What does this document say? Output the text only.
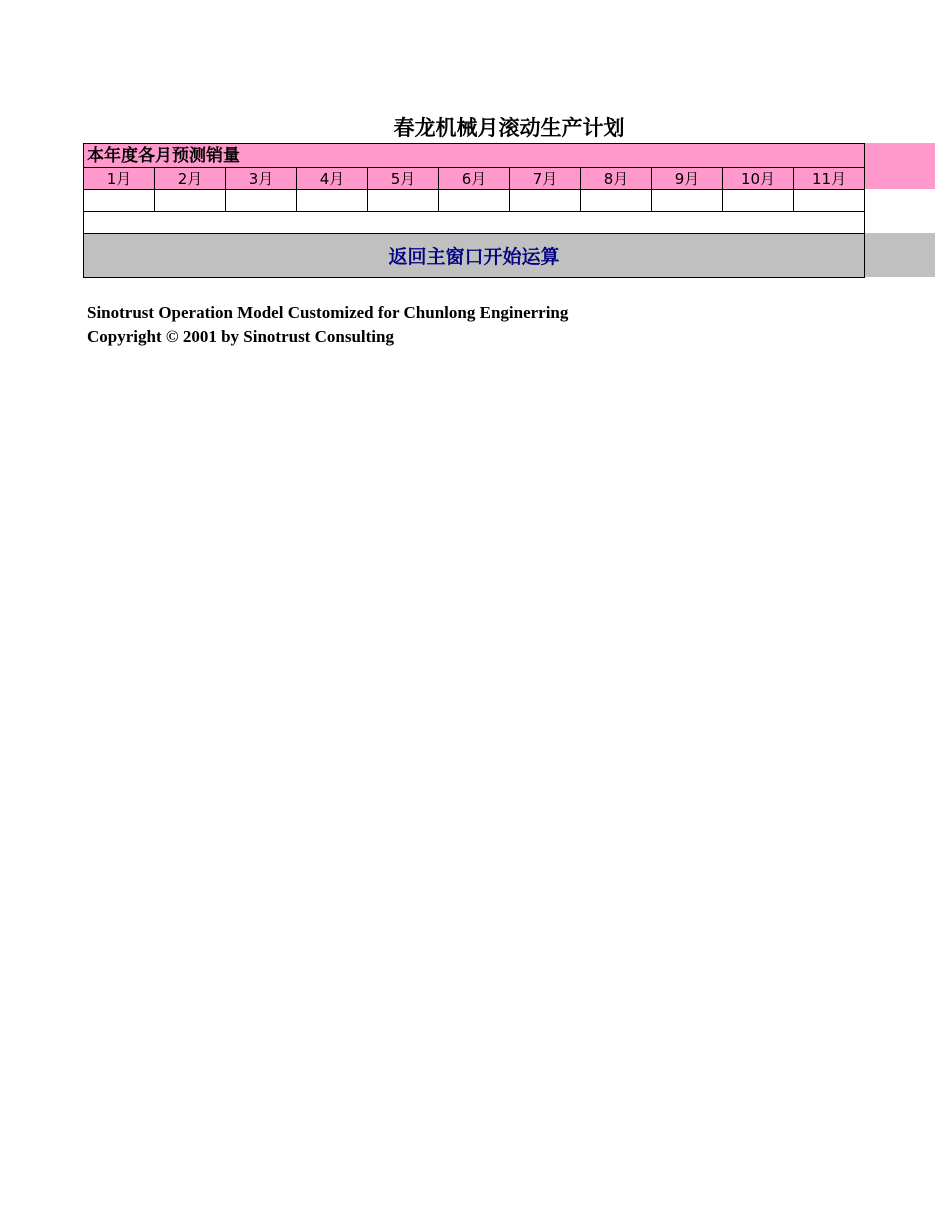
春龙机械月滚动生产计划
本年度各月预测销量										
1月	2月	3月	4月	5月	6月	7月	8月	9月	10月	11月

返回主窗口开始运算										
Sinotrust Operation Model Customized for Chunlong Enginerring
Copyright © 2001 by Sinotrust Consulting
